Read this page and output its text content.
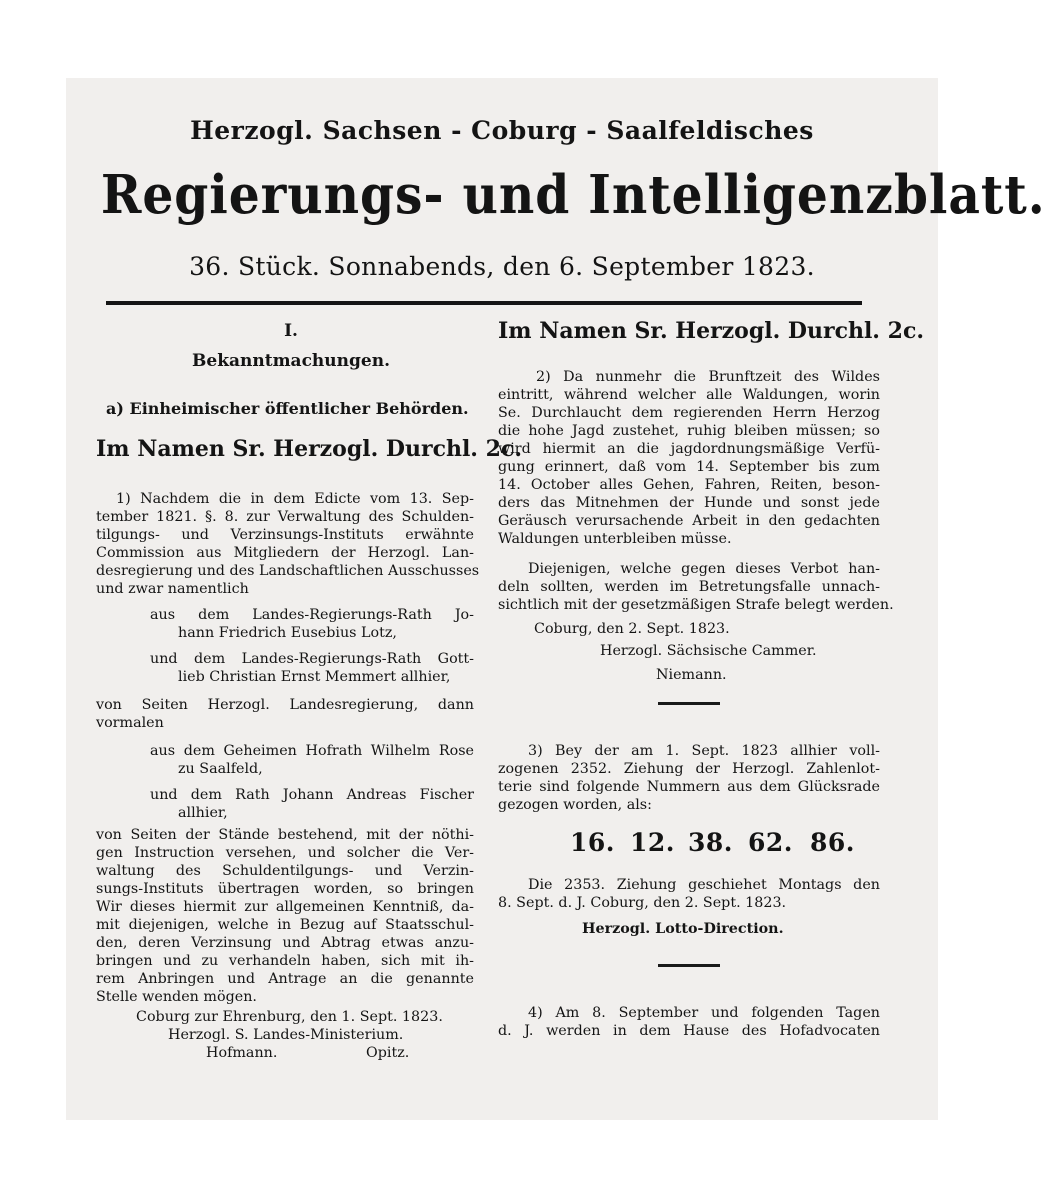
Herzogl. Sachsen - Coburg - Saalfeldisches
Regierungs- und Intelligenzblatt.
36. Stück. Sonnabends, den 6. September 1823.
I.
Bekanntmachungen.
a) Einheimischer öffentlicher Behörden.
Im Namen Sr. Herzogl. Durchl. 2c.
1) Nachdem die in dem Edicte vom 13. Sep-
tember 1821. §. 8. zur Verwaltung des Schulden-
tilgungs- und Verzinsungs-Instituts erwähnte
Commission aus Mitgliedern der Herzogl. Lan-
desregierung und des Landschaftlichen Ausschusses
und zwar namentlich
aus dem Landes-Regierungs-Rath Jo-
hann Friedrich Eusebius Lotz,
und dem Landes-Regierungs-Rath Gott-
lieb Christian Ernst Memmert allhier,
von Seiten Herzogl. Landesregierung, dann
vormalen
aus dem Geheimen Hofrath Wilhelm Rose
zu Saalfeld,
und dem Rath Johann Andreas Fischer
allhier,
von Seiten der Stände bestehend, mit der nöthi-
gen Instruction versehen, und solcher die Ver-
waltung des Schuldentilgungs- und Verzin-
sungs-Instituts übertragen worden, so bringen
Wir dieses hiermit zur allgemeinen Kenntniß, da-
mit diejenigen, welche in Bezug auf Staatsschul-
den, deren Verzinsung und Abtrag etwas anzu-
bringen und zu verhandeln haben, sich mit ih-
rem Anbringen und Antrage an die genannte
Stelle wenden mögen.
Coburg zur Ehrenburg, den 1. Sept. 1823.
Herzogl. S. Landes-Ministerium.
Hofmann.	Opitz.
Im Namen Sr. Herzogl. Durchl. 2c.
2) Da nunmehr die Brunftzeit des Wildes
eintritt, während welcher alle Waldungen, worin
Se. Durchlaucht dem regierenden Herrn Herzog
die hohe Jagd zustehet, ruhig bleiben müssen; so
wird hiermit an die jagdordnungsmäßige Verfü-
gung erinnert, daß vom 14. September bis zum
14. October alles Gehen, Fahren, Reiten, beson-
ders das Mitnehmen der Hunde und sonst jede
Geräusch verursachende Arbeit in den gedachten
Waldungen unterbleiben müsse.
Diejenigen, welche gegen dieses Verbot han-
deln sollten, werden im Betretungsfalle unnach-
sichtlich mit der gesetzmäßigen Strafe belegt werden.
Coburg, den 2. Sept. 1823.
Herzogl. Sächsische Cammer.
Niemann.
3) Bey der am 1. Sept. 1823 allhier voll-
zogenen 2352. Ziehung der Herzogl. Zahlenlot-
terie sind folgende Nummern aus dem Glücksrade
gezogen worden, als:
16. 12. 38. 62. 86.
Die 2353. Ziehung geschiehet Montags den
8. Sept. d. J. Coburg, den 2. Sept. 1823.
Herzogl. Lotto-Direction.
4) Am 8. September und folgenden Tagen
d. J. werden in dem Hause des Hofadvocaten
